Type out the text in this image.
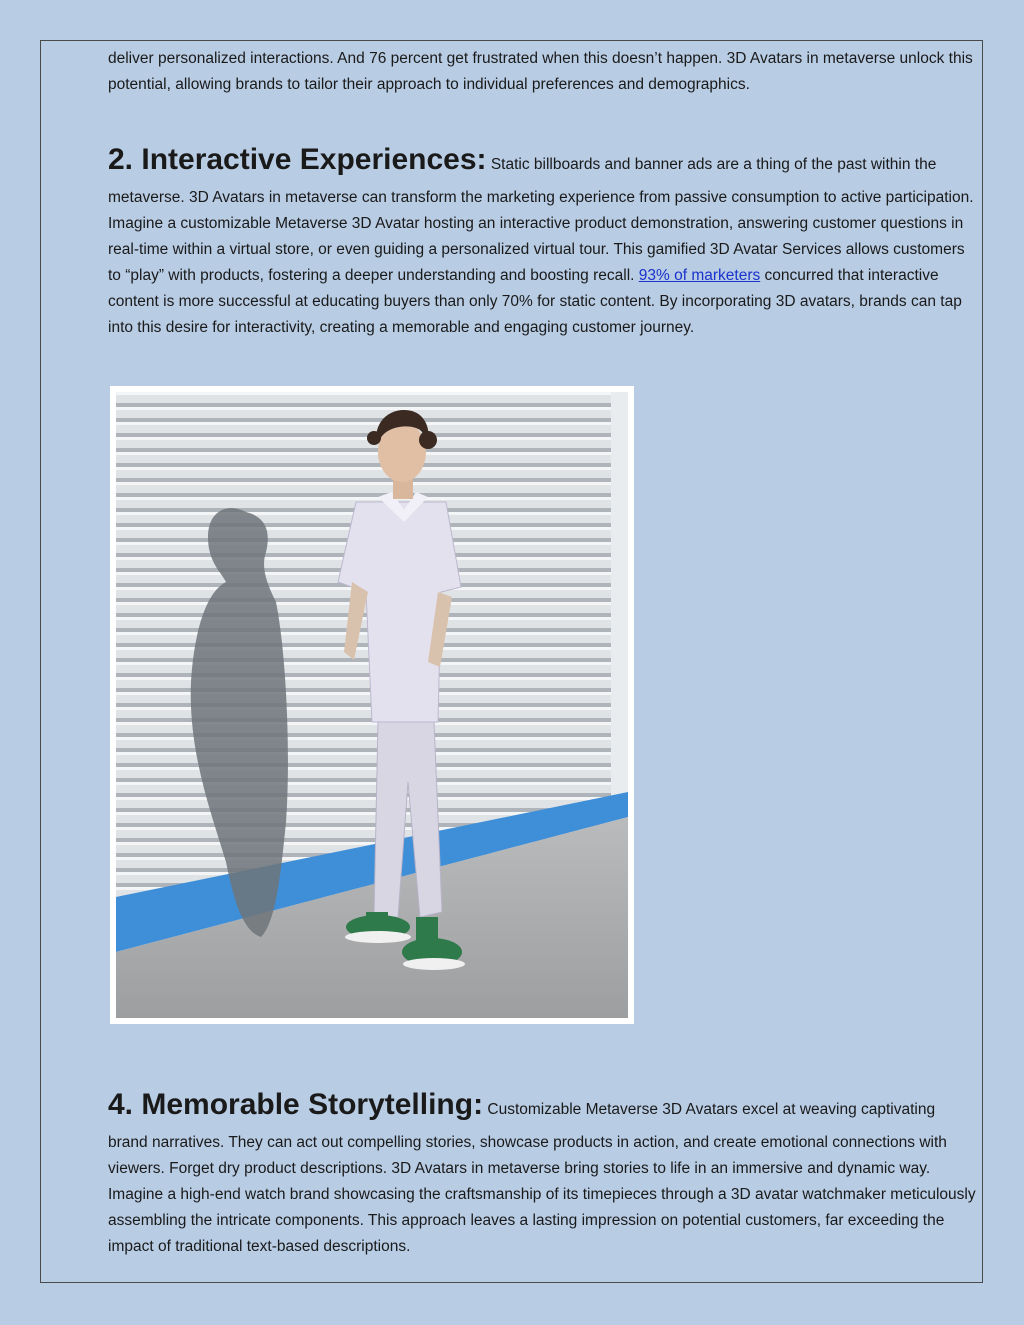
deliver personalized interactions. And 76 percent get frustrated when this doesn’t happen. 3D Avatars in metaverse unlock this potential, allowing brands to tailor their approach to individual preferences and demographics.
2. Interactive Experiences: Static billboards and banner ads are a thing of the past within the
metaverse. 3D Avatars in metaverse can transform the marketing experience from passive consumption to active participation. Imagine a customizable Metaverse 3D Avatar hosting an interactive product demonstration, answering customer questions in real-time within a virtual store, or even guiding a personalized virtual tour. This gamified 3D Avatar Services allows customers to “play” with products, fostering a deeper understanding and boosting recall. 93% of marketers concurred that interactive content is more successful at educating buyers than only 70% for static content. By incorporating 3D avatars, brands can tap into this desire for interactivity, creating a memorable and engaging customer journey.
4. Memorable Storytelling: Customizable Metaverse 3D Avatars excel at weaving captivating
brand narratives. They can act out compelling stories, showcase products in action, and create emotional connections with viewers. Forget dry product descriptions. 3D Avatars in metaverse bring stories to life in an immersive and dynamic way. Imagine a high-end watch brand showcasing the craftsmanship of its timepieces through a 3D avatar watchmaker meticulously assembling the intricate components. This approach leaves a lasting impression on potential customers, far exceeding the impact of traditional text-based descriptions.
